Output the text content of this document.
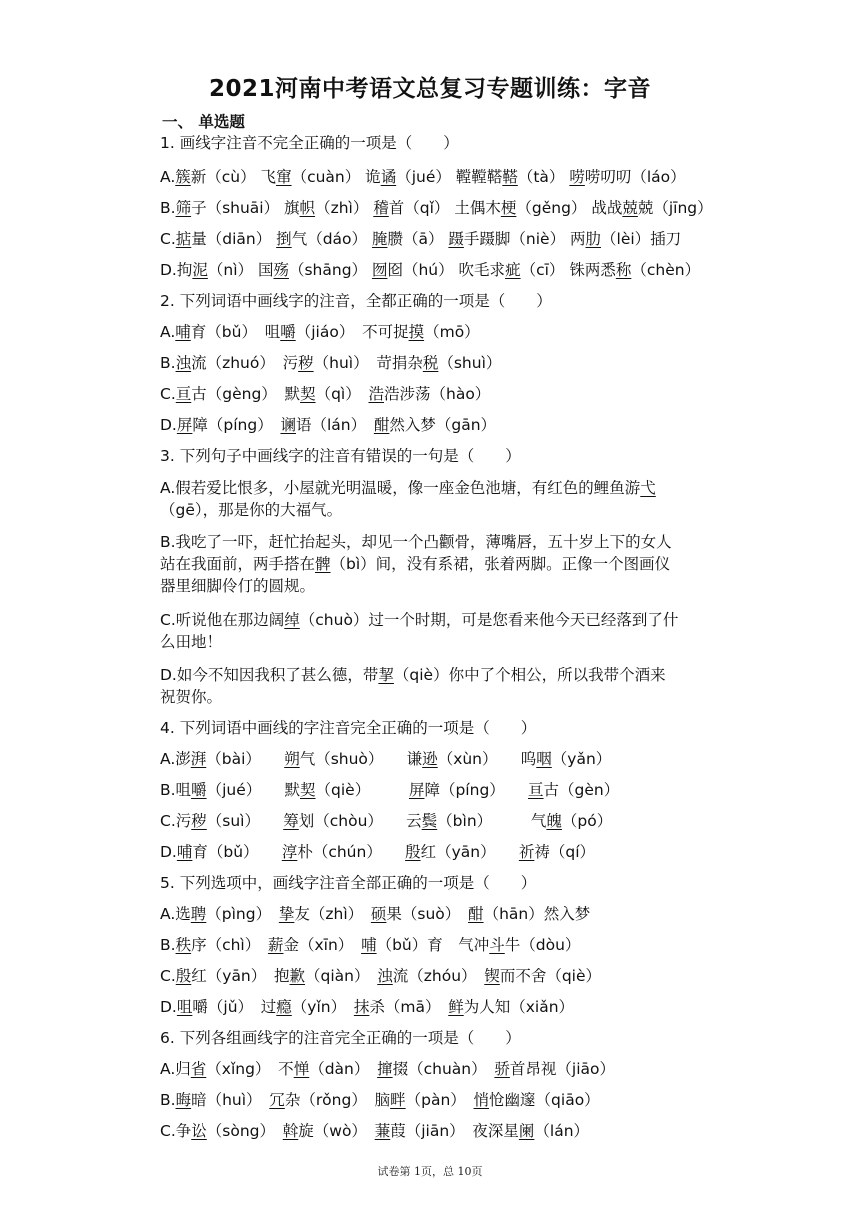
2021河南中考语文总复习专题训练：字音
一、 单选题
1. 画线字注音不完全正确的一项是（　　）
A.簇新（cù） 飞窜（cuàn） 诡谲（jué） 鞺鞺鞳鞳（tà） 唠唠叨叨（láo）
B.筛子（shuāi） 旗帜（zhì） 稽首（qǐ） 土偶木梗（gěng） 战战兢兢（jīng）
C.掂量（diān） 捯气（dáo） 腌臜（ā） 蹑手蹑脚（niè） 两肋（lèi）插刀
D.拘泥（nì） 国殇（shāng） 囫囵（hú） 吹毛求疵（cī） 铢两悉称（chèn）
2. 下列词语中画线字的注音，全都正确的一项是（　　）
A.哺育（bǔ）　咀嚼（jiáo）　不可捉摸（mō）
B.浊流（zhuó）　污秽（huì）　苛捐杂税（shuì）
C.亘古（gèng）　默契（qì）　浩浩涉荡（hào）
D.屏障（píng）　谰语（lán）　酣然入梦（gān）
3. 下列句子中画线字的注音有错误的一句是（　　）
A.假若爱比恨多，小屋就光明温暖，像一座金色池塘，有红色的鲤鱼游弋
（gē），那是你的大福气。
B.我吃了一吓，赶忙抬起头，却见一个凸颧骨，薄嘴唇，五十岁上下的女人
站在我面前，两手搭在髀（bì）间，没有系裙，张着两脚。正像一个图画仪
器里细脚伶仃的圆规。
C.听说他在那边阔绰（chuò）过一个时期，可是您看来他今天已经落到了什
么田地！
D.如今不知因我积了甚么德，带挈（qiè）你中了个相公，所以我带个酒来
祝贺你。
4. 下列词语中画线的字注音完全正确的一项是（　　）
A.澎湃（bài）　　朔气（shuò）　　谦逊（xùn）　　呜咽（yǎn）
B.咀嚼（jué）　　默契（qiè）　　　屏障（píng）　　亘古（gèn）
C.污秽（suì）　　筹划（chòu）　　云鬓（bìn）　　　气魄（pó）
D.哺育（bǔ）　　淳朴（chún）　　殷红（yān）　　祈祷（qí）
5. 下列选项中，画线字注音全部正确的一项是（　　）
A.选聘（pìng）　挚友（zhì）　硕果（suò）　酣（hān）然入梦
B.秩序（chì）　薪金（xīn）　哺（bǔ）育　气冲斗牛（dòu）
C.殷红（yān）　抱歉（qiàn）　浊流（zhóu）　锲而不舍（qiè）
D.咀嚼（jǔ）　过瘾（yǐn）　抹杀（mā）　鲜为人知（xiǎn）
6. 下列各组画线字的注音完全正确的一项是（　　）
A.归省（xǐng）　不惮（dàn）　撺掇（chuàn）　骄首昂视（jiāo）
B.晦暗（huì）　冗杂（rǒng）　脑畔（pàn）　悄怆幽邃（qiāo）
C.争讼（sòng）　斡旋（wò）　蒹葭（jiān）　夜深星阑（lán）
试卷第 1页，总 10页
